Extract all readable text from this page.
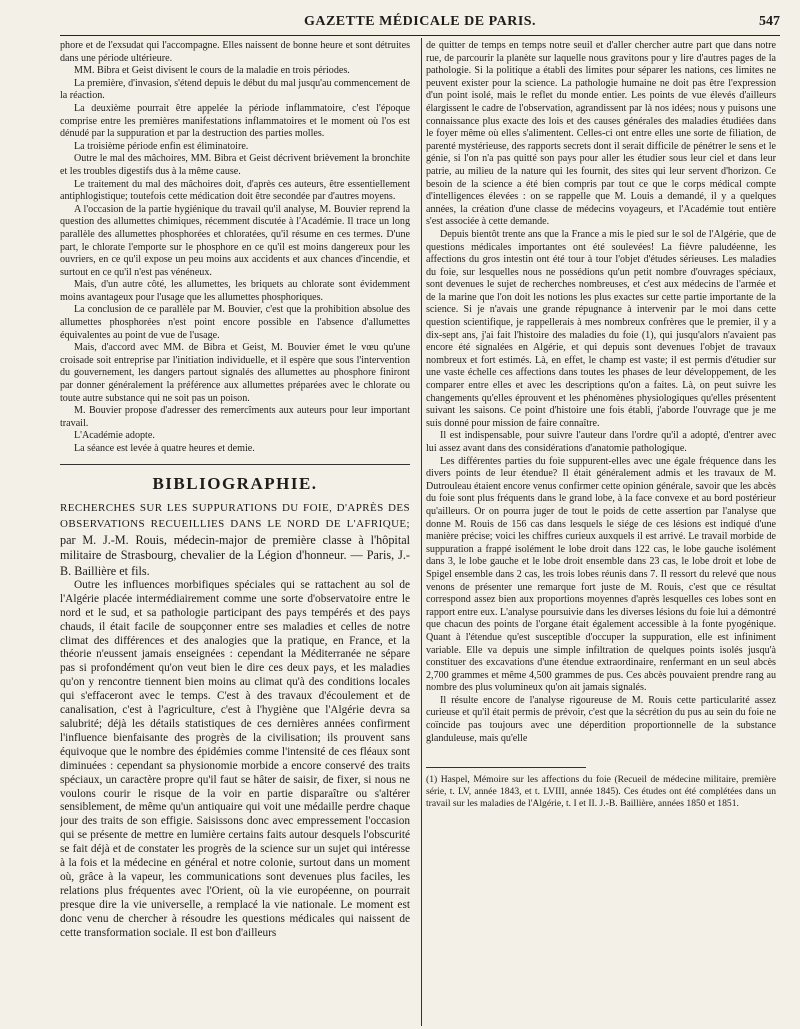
GAZETTE MÉDICALE DE PARIS.	547

phore et de l'exsudat qui l'accompagne. Elles naissent de bonne heure et sont détruites dans une période ultérieure.

MM. Bibra et Geist divisent le cours de la maladie en trois périodes.

La première, d'invasion, s'étend depuis le début du mal jusqu'au commencement de la réaction.

La deuxième pourrait être appelée la période inflammatoire, c'est l'époque comprise entre les premières manifestations inflammatoires et le moment où l'os est dénudé par la suppuration et par la destruction des parties molles.

La troisième période enfin est éliminatoire.

Outre le mal des mâchoires, MM. Bibra et Geist décrivent brièvement la bronchite et les troubles digestifs dus à la même cause.

Le traitement du mal des mâchoires doit, d'après ces auteurs, être essentiellement antiphlogistique; toutefois cette médication doit être secondée par d'autres moyens.

A l'occasion de la partie hygiénique du travail qu'il analyse, M. Bouvier reprend la question des allumettes chimiques, récemment discutée à l'Académie. Il trace un long parallèle des allumettes phosphorées et chloratées, qu'il résume en ces termes. D'une part, le chlorate l'emporte sur le phosphore en ce qu'il est moins dangereux pour les ouvriers, en ce qu'il expose un peu moins aux accidents et aux chances d'incendie, et surtout en ce qu'il n'est pas vénéneux.

Mais, d'un autre côté, les allumettes, les briquets au chlorate sont évidemment moins avantageux pour l'usage que les allumettes phosphoriques.

La conclusion de ce parallèle par M. Bouvier, c'est que la prohibition absolue des allumettes phosphorées n'est point encore possible en l'absence d'allumettes équivalentes au point de vue de l'usage.

Mais, d'accord avec MM. de Bibra et Geist, M. Bouvier émet le vœu qu'une croisade soit entreprise par l'initiation individuelle, et il espère que sous l'intervention du gouvernement, les dangers partout signalés des allumettes au phosphore finiront par donner généralement la préférence aux allumettes préparées avec le chlorate ou toute autre substance qui ne soit pas un poison.

M. Bouvier propose d'adresser des remercîments aux auteurs pour leur important travail.

L'Académie adopte.

La séance est levée à quatre heures et demie.

BIBLIOGRAPHIE.

RECHERCHES SUR LES SUPPURATIONS DU FOIE, D'APRÈS DES OBSERVATIONS RECUEILLIES DANS LE NORD DE L'AFRIQUE; par M. J.-M. Rouis, médecin-major de première classe à l'hôpital militaire de Strasbourg, chevalier de la Légion d'honneur. — Paris, J.-B. Baillière et fils.

Outre les influences morbifiques spéciales qui se rattachent au sol de l'Algérie placée intermédiairement comme une sorte d'observatoire entre le nord et le sud, et sa pathologie participant des pays tempérés et des pays chauds, il était facile de soupçonner entre ses maladies et celles de notre climat des différences et des analogies que la pratique, en France, et la théorie n'eussent jamais enseignées : cependant la Méditerranée ne sépare pas si profondément qu'on veut bien le dire ces deux pays, et les maladies qu'on y rencontre tiennent bien moins au climat qu'à des conditions locales qui s'effaceront avec le temps. C'est à des travaux d'écoulement et de canalisation, c'est à l'agriculture, c'est à l'hygiène que l'Algérie devra sa salubrité; déjà les détails statistiques de ces dernières années confirment l'influence bienfaisante des progrès de la civilisation; ils prouvent sans équivoque que le nombre des épidémies comme l'intensité de ces fléaux sont diminuées : cependant sa physionomie morbide a encore conservé des traits spéciaux, un caractère propre qu'il faut se hâter de saisir, de fixer, si nous ne voulons courir le risque de la voir en partie disparaître ou s'altérer sensiblement, de même qu'un antiquaire qui voit une médaille perdre chaque jour des traits de son effigie. Saisissons donc avec empressement l'occasion qui se présente de mettre en lumière certains faits autour desquels l'obscurité se fait déjà et de constater les progrès de la science sur un sujet qui intéresse à la fois et la médecine en général et notre colonie, surtout dans un moment où, grâce à la vapeur, les communications sont devenues plus faciles, les relations plus fréquentes avec l'Orient, où la vie européenne, on pourrait presque dire la vie universelle, a remplacé la vie nationale. Le moment est donc venu de chercher à résoudre les questions médicales qui naissent de cette transformation sociale. Il est bon d'ailleurs

de quitter de temps en temps notre seuil et d'aller chercher autre part que dans notre rue, de parcourir la planète sur laquelle nous gravitons pour y lire d'autres pages de la pathologie. Si la politique a établi des limites pour séparer les nations, ces limites ne peuvent exister pour la science. La pathologie humaine ne doit pas être l'expression d'un point isolé, mais le reflet du monde entier. Les points de vue élevés d'ailleurs élargissent le cadre de l'observation, agrandissent par là nos idées; nous y puisons une connaissance plus exacte des lois et des causes générales des maladies étudiées dans le foyer même où elles s'alimentent. Celles-ci ont entre elles une sorte de filiation, de parenté mystérieuse, des rapports secrets dont il serait difficile de pénétrer le sens et le génie, si l'on n'a pas quitté son pays pour aller les étudier sous leur ciel et dans leur patrie, au milieu de la nature qui les fournit, des sites qui leur servent d'horizon. Ce besoin de la science a été bien compris par tout ce que le corps médical compte d'intelligences élevées : on se rappelle que M. Louis a demandé, il y a quelques années, la création d'une classe de médecins voyageurs, et l'Académie tout entière s'est associée à cette demande.

Depuis bientôt trente ans que la France a mis le pied sur le sol de l'Algérie, que de questions médicales importantes ont été soulevées! La fièvre paludéenne, les affections du gros intestin ont été tour à tour l'objet d'études sérieuses. Les maladies du foie, sur lesquelles nous ne possédions qu'un petit nombre d'ouvrages spéciaux, sont devenues le sujet de recherches nombreuses, et c'est aux médecins de l'armée et de la marine que l'on doit les notions les plus exactes sur cette partie importante de la science. Si je n'avais une grande répugnance à intervenir par le moi dans cette question scientifique, je rappellerais à mes nombreux confrères que le premier, il y a dix-sept ans, j'ai fait l'histoire des maladies du foie (1), qui jusqu'alors n'avaient pas encore été signalées en Algérie, et qui depuis sont devenues l'objet de travaux nombreux et fort estimés. Là, en effet, le champ est vaste; il est permis d'étudier sur une vaste échelle ces affections dans toutes les phases de leur développement, de les comparer entre elles et avec les descriptions qu'on a faites. Là, on peut suivre les changements qu'elles éprouvent et les phénomènes physiologiques qu'elles présentent suivant les saisons. Ce point d'histoire une fois établi, j'aborde l'ouvrage que je me suis donné pour mission de faire connaître.

Il est indispensable, pour suivre l'auteur dans l'ordre qu'il a adopté, d'entrer avec lui assez avant dans des considérations d'anatomie pathologique.

Les différentes parties du foie suppurent-elles avec une égale fréquence dans les divers points de leur étendue? Il était généralement admis et les travaux de M. Dutrouleau étaient encore venus confirmer cette opinion générale, savoir que les abcès du foie sont plus fréquents dans le grand lobe, à la face convexe et au bord postérieur qu'ailleurs. Or on pourra juger de tout le poids de cette assertion par l'analyse que donne M. Rouis de 156 cas dans lesquels le siége de ces lésions est indiqué d'une manière précise; voici les chiffres curieux auxquels il est arrivé. Le travail morbide de suppuration a frappé isolément le lobe droit dans 122 cas, le lobe gauche isolément dans 3, le lobe gauche et le lobe droit ensemble dans 23 cas, le lobe droit et lobe de Spigel ensemble dans 2 cas, les trois lobes réunis dans 7. Il ressort du relevé que nous venons de présenter une remarque fort juste de M. Rouis, c'est que ce résultat correspond assez bien aux proportions moyennes d'après lesquelles ces lobes sont en rapport entre eux. L'analyse poursuivie dans les diverses lésions du foie lui a démontré que chacun des points de l'organe était également accessible à la fonte pyogénique. Quant à l'étendue qu'est susceptible d'occuper la suppuration, elle est infiniment variable. Elle va depuis une simple infiltration de quelques points isolés jusqu'à constituer des excavations d'une étendue extraordinaire, renfermant en un seul abcès 2,700 grammes et même 4,500 grammes de pus. Ces abcès pouvaient prendre rang au nombre des plus volumineux qu'on ait jamais signalés.

Il résulte encore de l'analyse rigoureuse de M. Rouis cette particularité assez curieuse et qu'il était permis de prévoir, c'est que la sécrétion du pus au sein du foie ne coïncide pas toujours avec une déperdition proportionnelle de la substance glanduleuse, mais qu'elle

(1) Haspel, Mémoire sur les affections du foie (Recueil de médecine militaire, première série, t. LV, année 1843, et t. LVIII, année 1845). Ces études ont été complétées dans un travail sur les maladies de l'Algérie, t. I et II. J.-B. Baillière, années 1850 et 1851.
